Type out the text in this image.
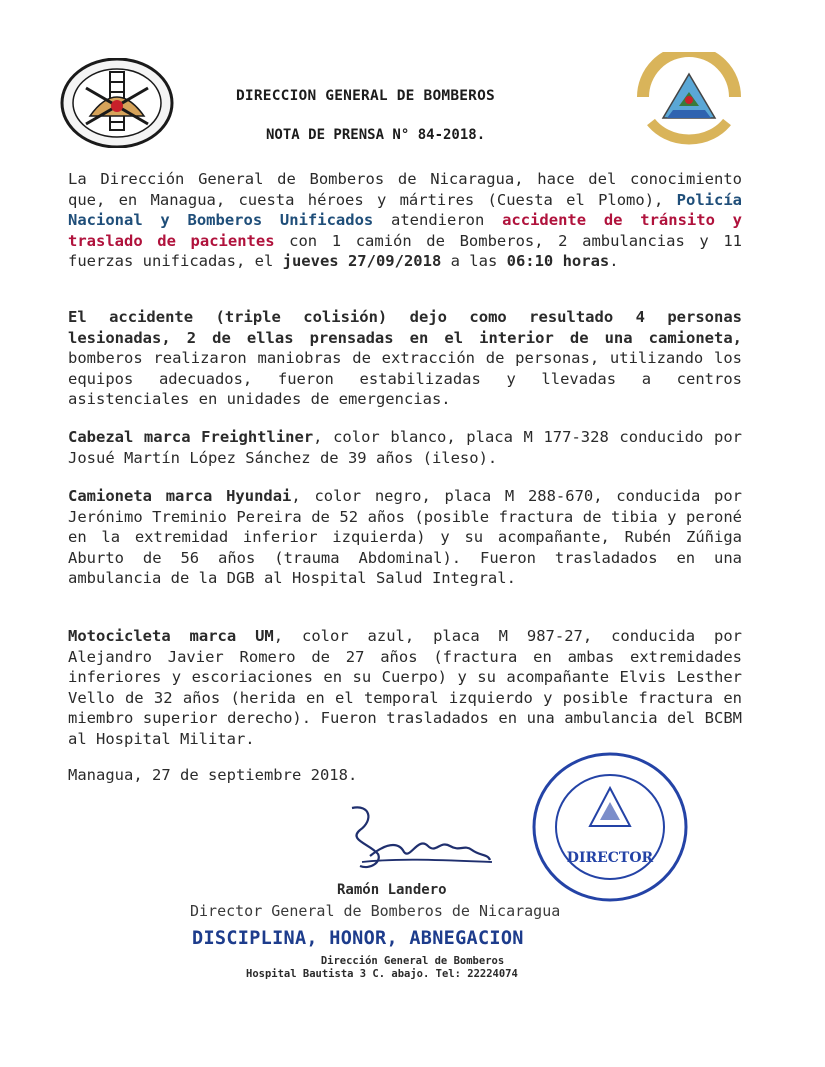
DIRECCION GENERAL DE BOMBEROS
NOTA DE PRENSA N° 84-2018.

La Dirección General de Bomberos de Nicaragua, hace del conocimiento que, en Managua, cuesta héroes y mártires (Cuesta el Plomo), Policía Nacional y Bomberos Unificados atendieron accidente de tránsito y traslado de pacientes con 1 camión de Bomberos, 2 ambulancias y 11 fuerzas unificadas, el jueves 27/09/2018 a las 06:10 horas.

El accidente (triple colisión) dejo como resultado 4 personas lesionadas, 2 de ellas prensadas en el interior de una camioneta, bomberos realizaron maniobras de extracción de personas, utilizando los equipos adecuados, fueron estabilizadas y llevadas a centros asistenciales en unidades de emergencias.

Cabezal marca Freightliner, color blanco, placa M 177-328 conducido por Josué Martín López Sánchez de 39 años (ileso).

Camioneta marca Hyundai, color negro, placa M 288-670, conducida por Jerónimo Treminio Pereira de 52 años (posible fractura de tibia y peroné en la extremidad inferior izquierda) y su acompañante, Rubén Zúñiga Aburto de 56 años (trauma Abdominal). Fueron trasladados en una ambulancia de la DGB al Hospital Salud Integral.

Motocicleta marca UM, color azul, placa M 987-27, conducida por Alejandro Javier Romero de 27 años (fractura en ambas extremidades inferiores y escoriaciones en su Cuerpo) y su acompañante Elvis Lesther Vello de 32 años (herida en el temporal izquierdo y posible fractura en miembro superior derecho). Fueron trasladados en una ambulancia del BCBM al Hospital Militar.

Managua, 27 de septiembre 2018.
Ramón Landero
Director General de Bomberos de Nicaragua
DIRECTOR
DISCIPLINA, HONOR, ABNEGACION
Dirección General de Bomberos
Hospital Bautista 3 C. abajo. Tel: 22224074
